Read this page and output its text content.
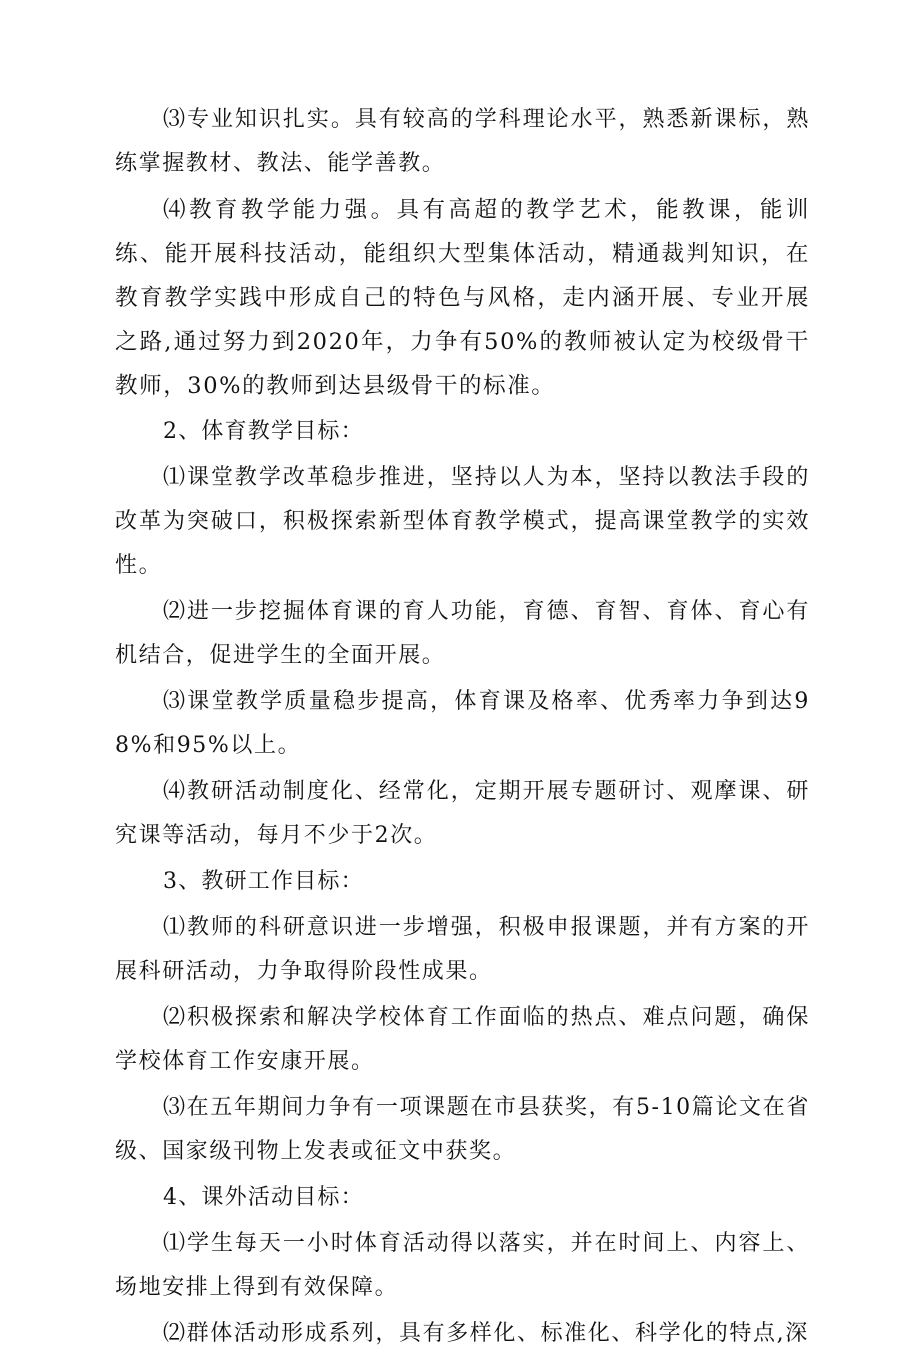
⑶专业知识扎实。具有较高的学科理论水平，熟悉新课标，熟练掌握教材、教法、能学善教。

⑷教育教学能力强。具有高超的教学艺术，能教课，能训练、能开展科技活动，能组织大型集体活动，精通裁判知识，在教育教学实践中形成自己的特色与风格，走内涵开展、专业开展之路,通过努力到2020年，力争有50%的教师被认定为校级骨干教师，30%的教师到达县级骨干的标准。

2、体育教学目标：

⑴课堂教学改革稳步推进，坚持以人为本，坚持以教法手段的改革为突破口，积极探索新型体育教学模式，提高课堂教学的实效性。

⑵进一步挖掘体育课的育人功能，育德、育智、育体、育心有机结合，促进学生的全面开展。

⑶课堂教学质量稳步提高，体育课及格率、优秀率力争到达98%和95%以上。

⑷教研活动制度化、经常化，定期开展专题研讨、观摩课、研究课等活动，每月不少于2次。

3、教研工作目标：

⑴教师的科研意识进一步增强，积极申报课题，并有方案的开展科研活动，力争取得阶段性成果。

⑵积极探索和解决学校体育工作面临的热点、难点问题，确保学校体育工作安康开展。

⑶在五年期间力争有一项课题在市县获奖，有5-10篇论文在省级、国家级刊物上发表或征文中获奖。

4、课外活动目标：

⑴学生每天一小时体育活动得以落实，并在时间上、内容上、场地安排上得到有效保障。

⑵群体活动形成系列，具有多样化、标准化、科学化的特点,深
